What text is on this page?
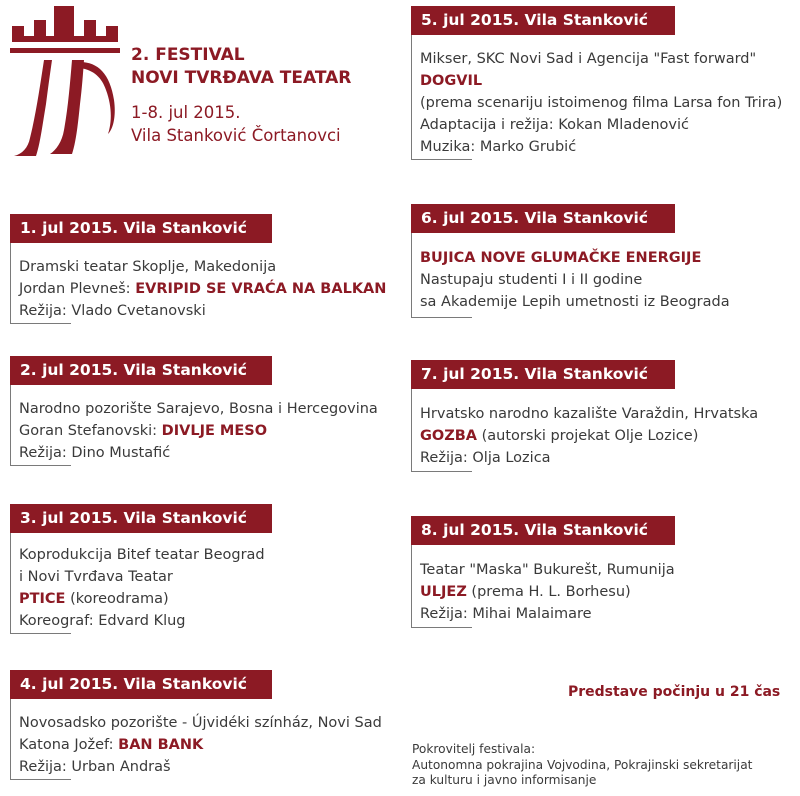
2. FESTIVAL
NOVI TVRĐAVA TEATAR
1-8. jul 2015.
Vila Stanković Čortanovci
1. jul 2015. Vila Stanković
Dramski teatar Skoplje, Makedonija
Jordan Plevneš: EVRIPID SE VRAĆA NA BALKAN
Režija: Vlado Cvetanovski
2. jul 2015. Vila Stanković
Narodno pozorište Sarajevo, Bosna i Hercegovina
Goran Stefanovski: DIVLJE MESO
Režija: Dino Mustafić
3. jul 2015. Vila Stanković
Koprodukcija Bitef teatar Beograd
i Novi Tvrđava Teatar
PTICE (koreodrama)
Koreograf: Edvard Klug
4. jul 2015. Vila Stanković
Novosadsko pozorište - Újvidéki színház, Novi Sad
Katona Jožef: BAN BANK
Režija: Urban Andraš
5. jul 2015. Vila Stanković
Mikser, SKC Novi Sad i Agencija "Fast forward"
DOGVIL
(prema scenariju istoimenog filma Larsa fon Trira)
Adaptacija i režija: Kokan Mladenović
Muzika: Marko Grubić
6. jul 2015. Vila Stanković
BUJICA NOVE GLUMAČKE ENERGIJE
Nastupaju studenti I i II godine
sa Akademije Lepih umetnosti iz Beograda
7. jul 2015. Vila Stanković
Hrvatsko narodno kazalište Varaždin, Hrvatska
GOZBA (autorski projekat Olje Lozice)
Režija: Olja Lozica
8. jul 2015. Vila Stanković
Teatar "Maska" Bukurešt, Rumunija
ULJEZ (prema H. L. Borhesu)
Režija: Mihai Malaimare
Predstave počinju u 21 čas
Pokrovitelj festivala:
Autonomna pokrajina Vojvodina, Pokrajinski sekretarijat
za kulturu i javno informisanje
